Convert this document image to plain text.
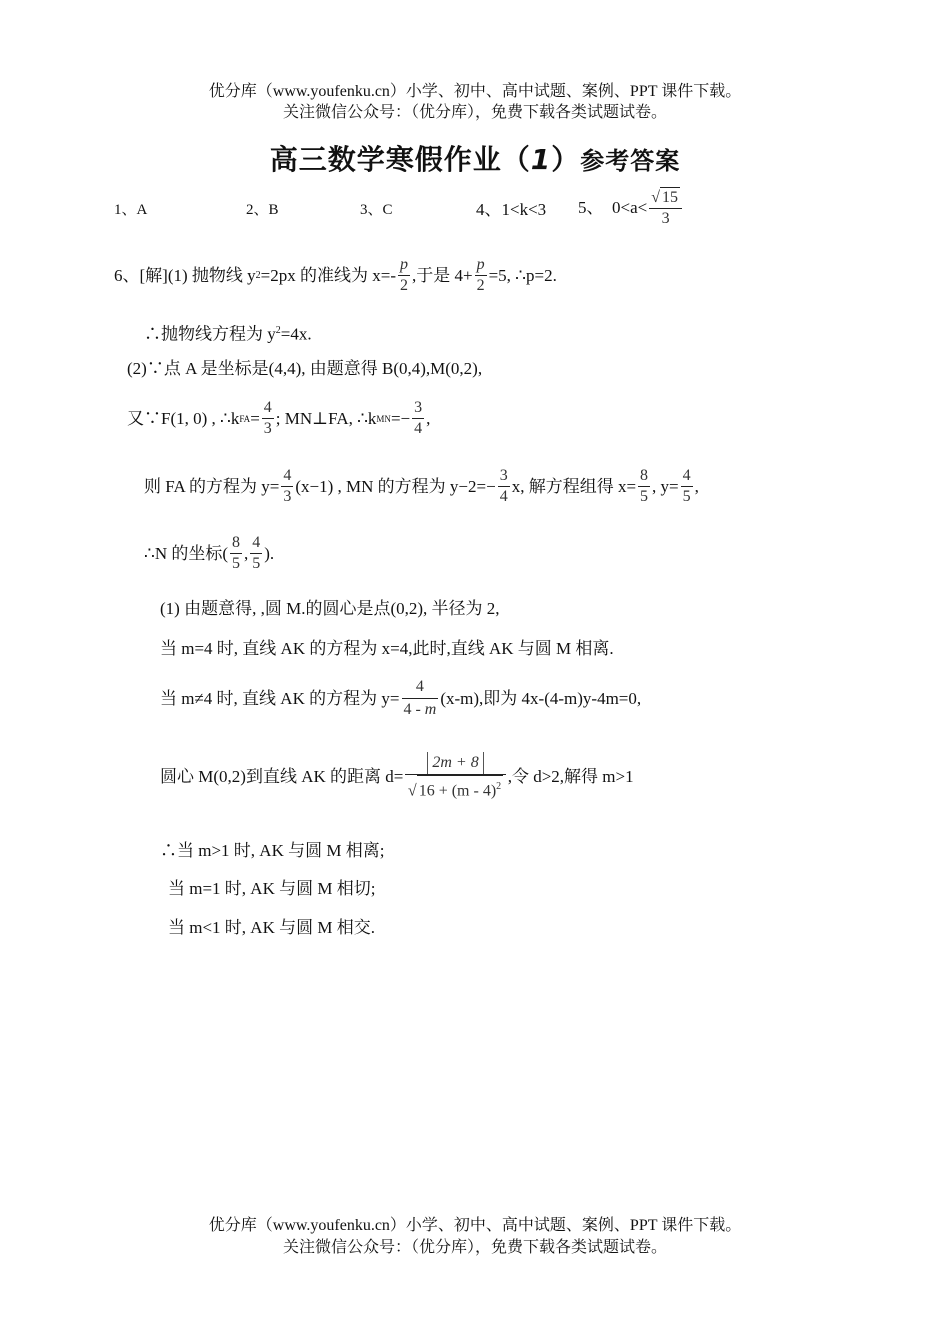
优分库（www.youfenku.cn）小学、初中、高中试题、案例、PPT 课件下载。
关注微信公众号：（优分库），免费下载各类试题试卷。
高三数学寒假作业（1）参考答案
1、A	2、B	3、C	4、1<k<3 5、
$0<a< \frac{√ 15}{3}$
6、[解](1) 抛物线 y 2 =2px 的准线为 $x=- \frac{p}{2}$ ,于是 $4+ \frac{p}{2} =5$, ∴p=2.
∴抛物线方程为 $y^2=4x$.
(2)∵点 A 是坐标是(4,4), 由题意得 B(0,4),M(0,2),
又∵F(1, 0) , ∴k FA = $\frac{4}{3}$ ; MN⊥FA, ∴k MN =− $\frac{3}{4}$ ,
则 FA 的方程为 $y= \frac{4}{3} (x-1)$ , MN 的方程为 $y-2=- \frac{3}{4} x$, 解方程组得 $x= \frac{8}{5}$ , $y= \frac{4}{5}$ ,
∴N 的坐标( $\frac{8}{5}$ , $\frac{4}{5}$ ).
(1) 由题意得, ,圆 M.的圆心是点(0,2), 半径为 2,
当 m=4 时, 直线 AK 的方程为 x=4,此时,直线 AK 与圆 M 相离.
当 m≠4 时, 直线 AK 的方程为 $y= \frac{4}{4 - m} (x-m)$,即为 4x-(4-m)y-4m=0,
圆心 M(0,2)到直线 AK 的距离 $d= \frac{2m + 8}{√ 16 + (m - 4)^2}$ ,令 d>2,解得 m>1
∴当 m>1 时, AK 与圆 M 相离;
当 m=1 时, AK 与圆 M 相切;
当 m<1 时, AK 与圆 M 相交.
优分库（www.youfenku.cn）小学、初中、高中试题、案例、PPT 课件下载。
关注微信公众号：（优分库），免费下载各类试题试卷。
